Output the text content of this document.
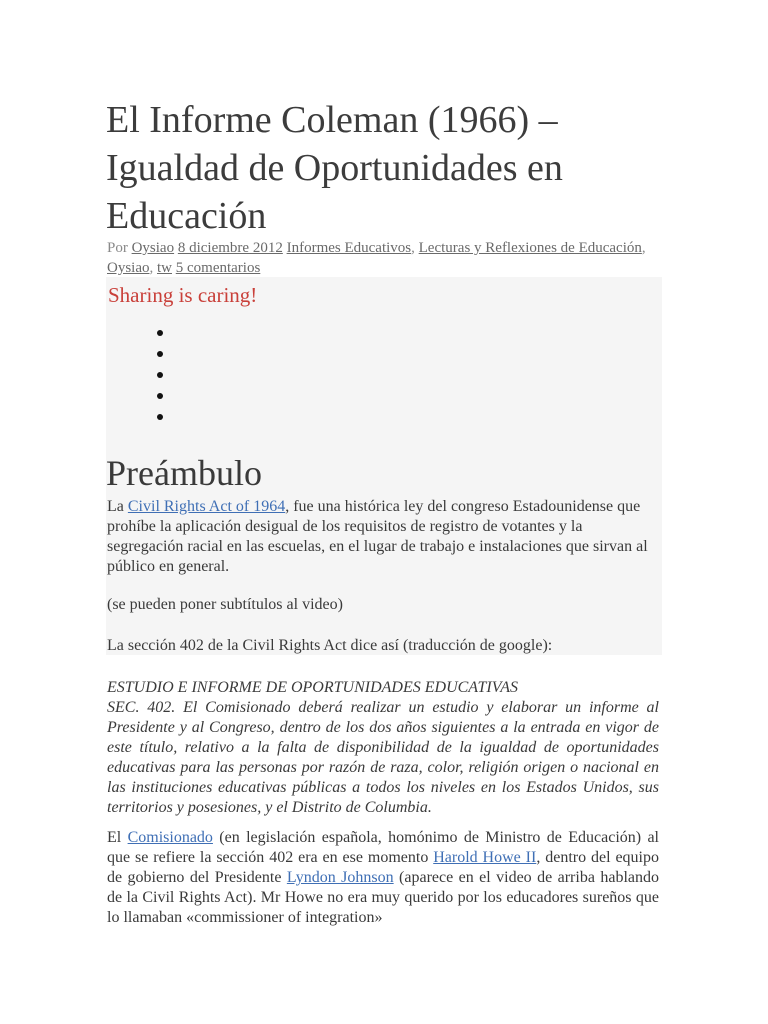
El Informe Coleman (1966) – Igualdad de Oportunidades en Educación
Por Oysiao 8 diciembre 2012 Informes Educativos, Lecturas y Reflexiones de Educación, Oysiao, tw 5 comentarios
Sharing is caring!
Preámbulo

La Civil Rights Act of 1964, fue una histórica ley del congreso Estadounidense que prohíbe la aplicación desigual de los requisitos de registro de votantes y la segregación racial en las escuelas, en el lugar de trabajo e instalaciones que sirvan al público en general.

(se pueden poner subtítulos al video)

La sección 402 de la Civil Rights Act dice así (traducción de google):

ESTUDIO E INFORME DE OPORTUNIDADES EDUCATIVAS
SEC. 402. El Comisionado deberá realizar un estudio y elaborar un informe al Presidente y al Congreso, dentro de los dos años siguientes a la entrada en vigor de este título, relativo a la falta de disponibilidad de la igualdad de oportunidades educativas para las personas por razón de raza, color, religión origen o nacional en las instituciones educativas públicas a todos los niveles en los Estados Unidos, sus territorios y posesiones, y el Distrito de Columbia.

El Comisionado (en legislación española, homónimo de Ministro de Educación) al que se refiere la sección 402 era en ese momento Harold Howe II, dentro del equipo de gobierno del Presidente Lyndon Johnson (aparece en el video de arriba hablando de la Civil Rights Act). Mr Howe no era muy querido por los educadores sureños que lo llamaban «commissioner of integration»
